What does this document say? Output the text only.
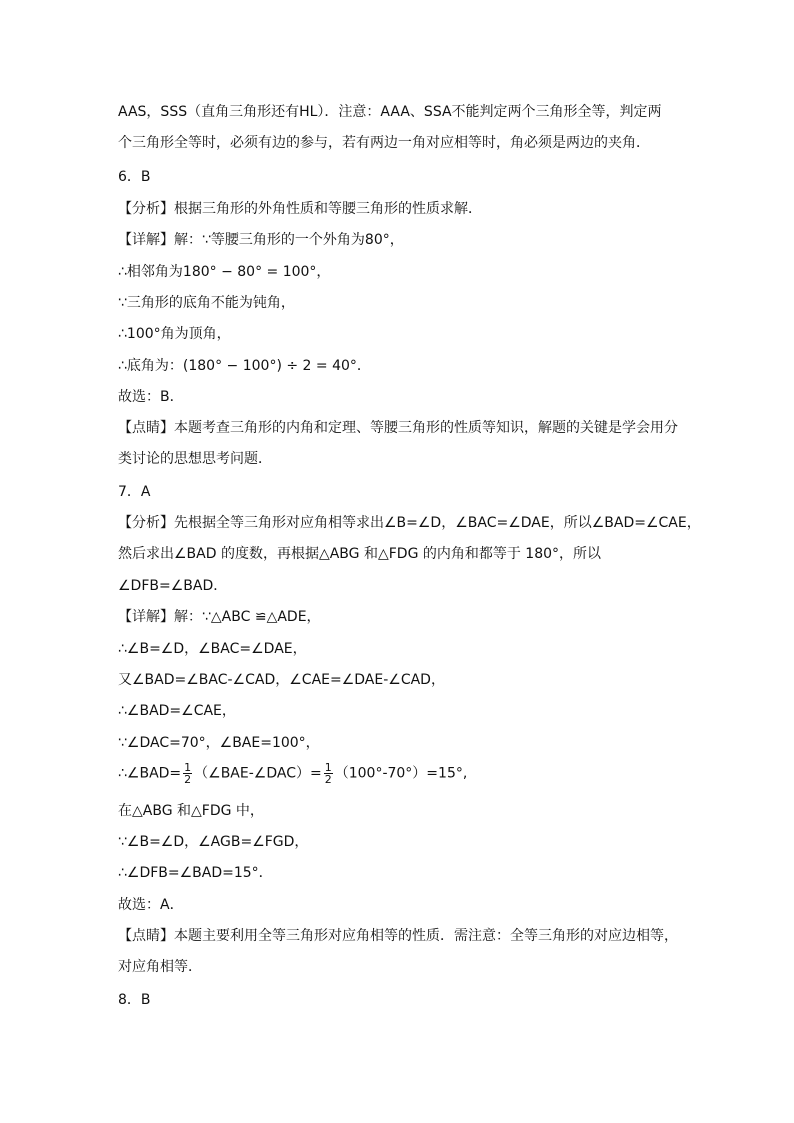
AAS，SSS（直角三角形还有HL）．注意：AAA、SSA不能判定两个三角形全等，判定两
个三角形全等时，必须有边的参与，若有两边一角对应相等时，角必须是两边的夹角．
6．B
【分析】根据三角形的外角性质和等腰三角形的性质求解．
【详解】解：∵等腰三角形的一个外角为80°，
∴相邻角为180° − 80° = 100°，
∵三角形的底角不能为钝角，
∴100°角为顶角，
∴底角为：(180° − 100°) ÷ 2 = 40°．
故选：B．
【点睛】本题考查三角形的内角和定理、等腰三角形的性质等知识，解题的关键是学会用分
类讨论的思想思考问题．
7．A
【分析】先根据全等三角形对应角相等求出∠B=∠D，∠BAC=∠DAE，所以∠BAD=∠CAE，
然后求出∠BAD 的度数，再根据△ABG 和△FDG 的内角和都等于 180°，所以
∠DFB=∠BAD．
【详解】解：∵△ABC ≌△ADE，
∴∠B=∠D，∠BAC=∠DAE，
又∠BAD=∠BAC-∠CAD，∠CAE=∠DAE-∠CAD，
∴∠BAD=∠CAE，
∵∠DAC=70°，∠BAE=100°，
∴∠BAD= $\frac{1}{2}$ （∠BAE-∠DAC）= $\frac{1}{2} (100^\circ-70^\circ)=15^\circ$,
在△ABG 和△FDG 中，
∵∠B=∠D，∠AGB=∠FGD，
∴∠DFB=∠BAD=15°．
故选：A．
【点睛】本题主要利用全等三角形对应角相等的性质．需注意：全等三角形的对应边相等，
对应角相等．
8．B
